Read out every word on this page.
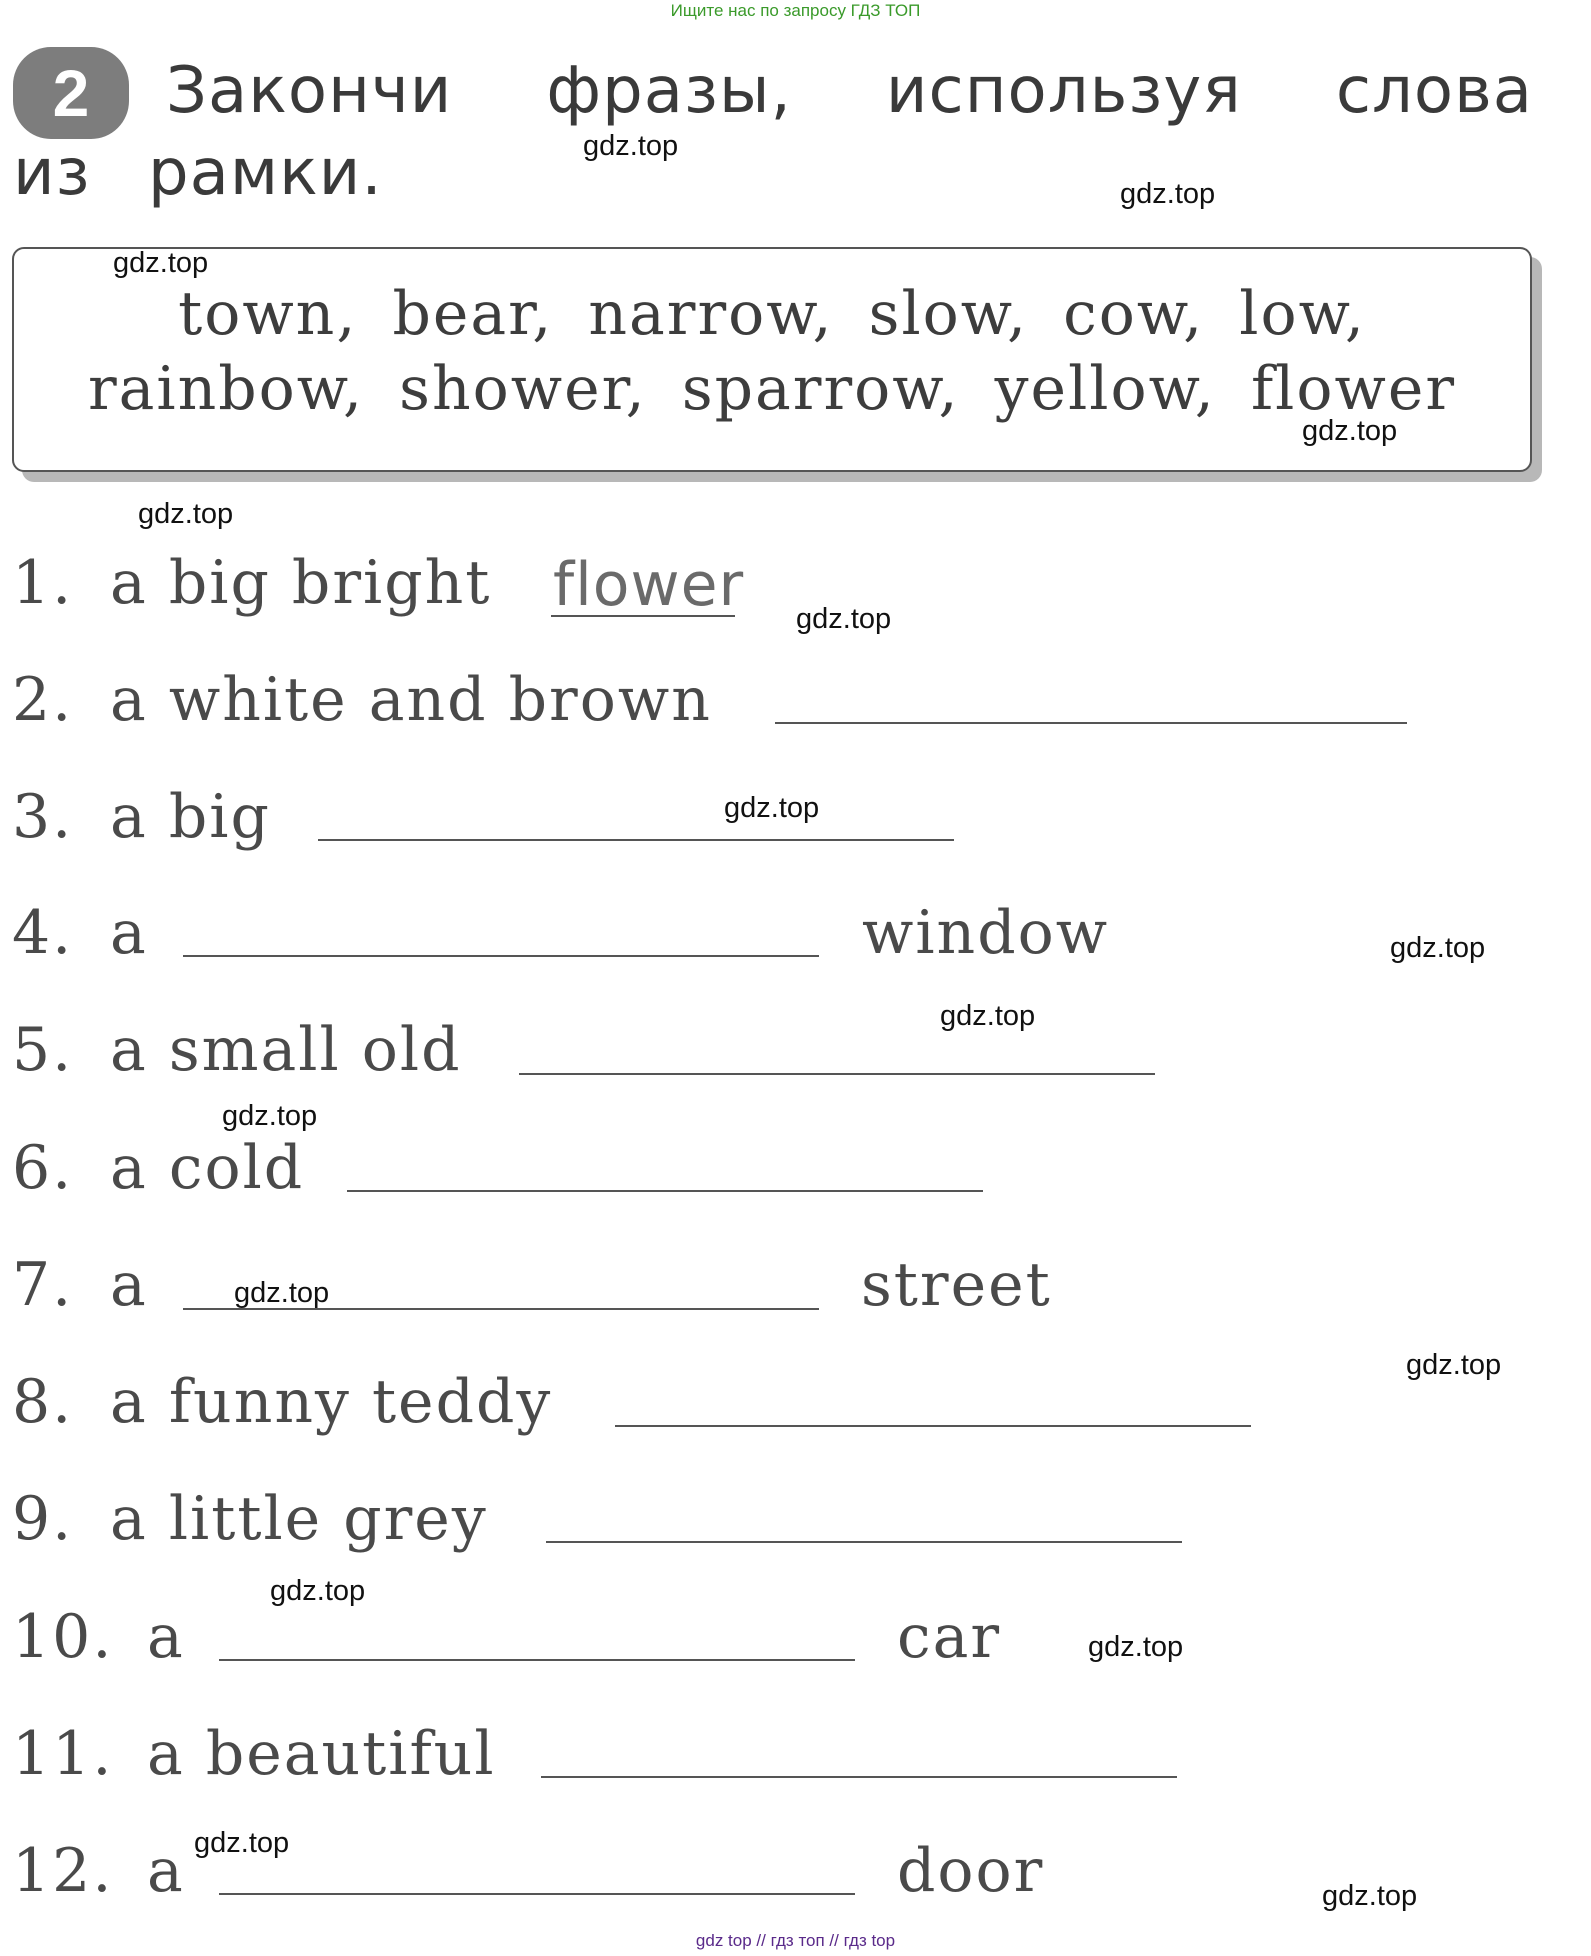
Ищите нас по запросу ГДЗ ТОП
2	Закончи фразы, используя слова из рамки.
town, bear, narrow, slow, cow, low,
rainbow, shower, sparrow, yellow, flower
1. a big bright flower
2. a white and brown
3. a big
4. a	window
5. a small old
6. a cold
7. a	street
8. a funny teddy
9. a little grey
10. a	car
11. a beautiful
12. a	door
gdz.top
gdz.top
gdz.top
gdz.top
gdz.top
gdz.top
gdz.top
gdz.top
gdz.top
gdz.top
gdz.top
gdz.top
gdz.top
gdz.top
gdz.top
gdz.top
gdz top // гдз топ // гдз top
